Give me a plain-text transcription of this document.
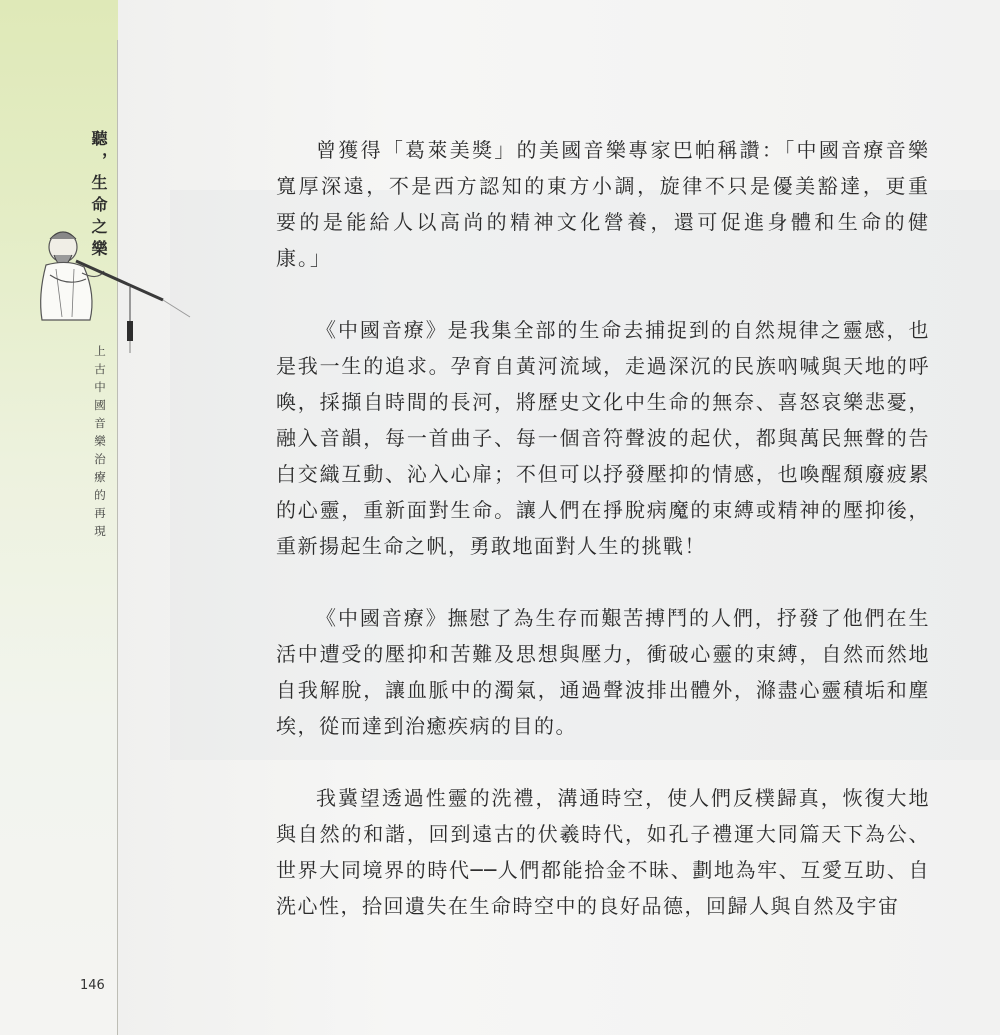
聽，生命之樂
上古中國音樂治療的再現

曾獲得「葛萊美獎」的美國音樂專家巴帕稱讚：「中國音療音樂寬厚深遠，不是西方認知的東方小調，旋律不只是優美豁達，更重要的是能給人以高尚的精神文化營養，還可促進身體和生命的健康。」

《中國音療》是我集全部的生命去捕捉到的自然規律之靈感，也是我一生的追求。孕育自黃河流域，走過深沉的民族吶喊與天地的呼喚，採擷自時間的長河，將歷史文化中生命的無奈、喜怒哀樂悲憂，融入音韻，每一首曲子、每一個音符聲波的起伏，都與萬民無聲的告白交織互動、沁入心扉；不但可以抒發壓抑的情感，也喚醒頹廢疲累的心靈，重新面對生命。讓人們在掙脫病魔的束縛或精神的壓抑後，重新揚起生命之帆，勇敢地面對人生的挑戰！

《中國音療》撫慰了為生存而艱苦搏鬥的人們，抒發了他們在生活中遭受的壓抑和苦難及思想與壓力，衝破心靈的束縛，自然而然地自我解脫，讓血脈中的濁氣，通過聲波排出體外，滌盡心靈積垢和塵埃，從而達到治癒疾病的目的。

我冀望透過性靈的洗禮，溝通時空，使人們反樸歸真，恢復大地與自然的和諧，回到遠古的伏羲時代，如孔子禮運大同篇天下為公、世界大同境界的時代──人們都能拾金不昧、劃地為牢、互愛互助、自洗心性，拾回遺失在生命時空中的良好品德，回歸人與自然及宇宙

146
